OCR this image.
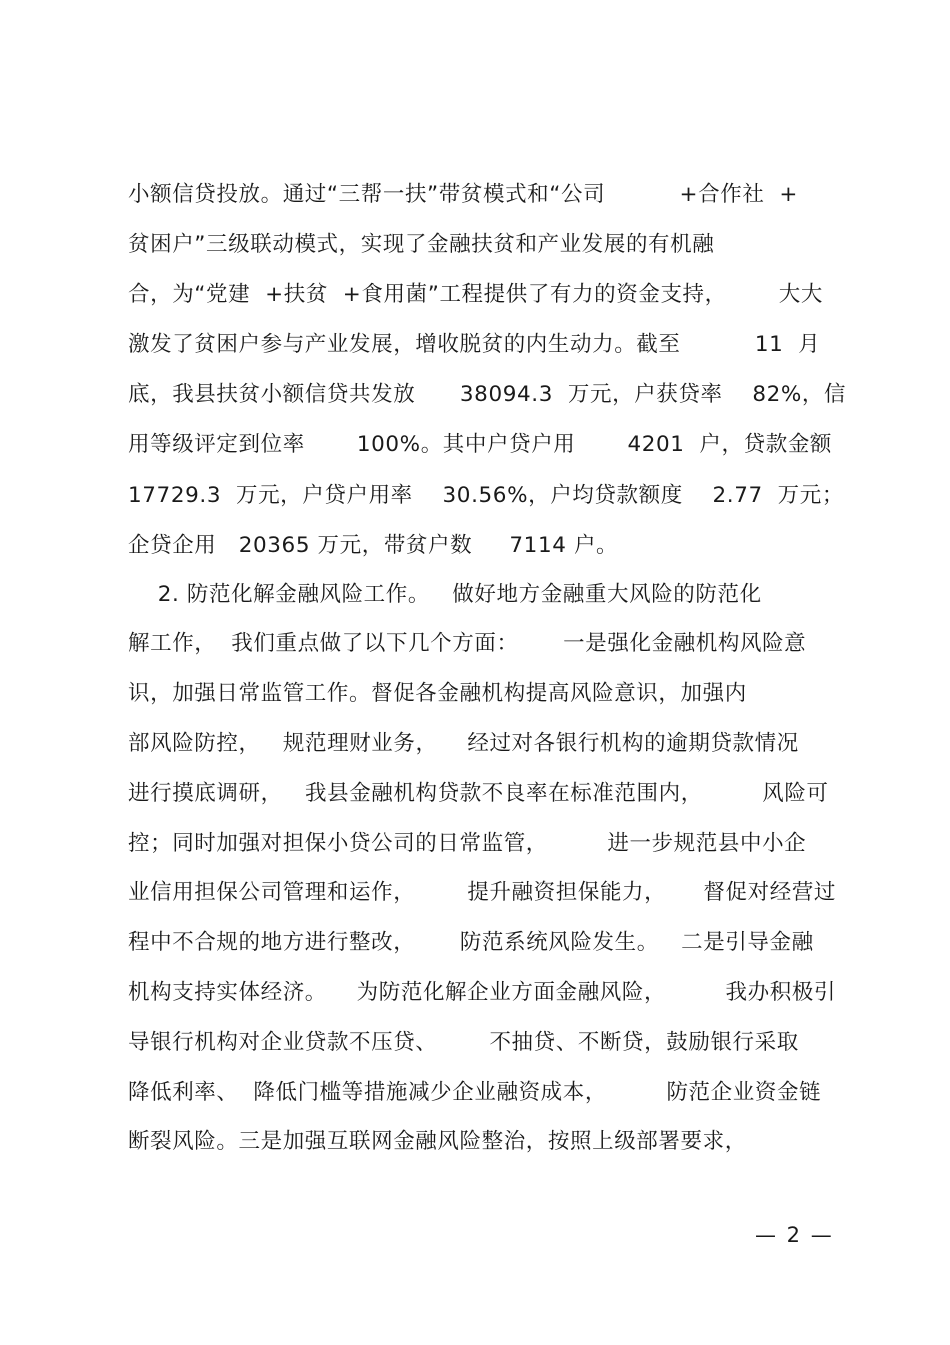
小额信贷投放。通过“三帮一扶”带贫模式和“公司          +合作社  +
贫困户”三级联动模式，实现了金融扶贫和产业发展的有机融
合，为“党建  +扶贫  +食用菌”工程提供了有力的资金支持，       大大
激发了贫困户参与产业发展，增收脱贫的内生动力。截至          11  月
底，我县扶贫小额信贷共发放      38094.3  万元，户获贷率    82%，信
用等级评定到位率       100%。其中户贷户用       4201  户，贷款金额
17729.3  万元，户贷户用率    30.56%，户均贷款额度    2.77  万元；
企贷企用   20365 万元，带贫户数     7114 户。
2. 防范化解金融风险工作。   做好地方金融重大风险的防范化
解工作，  我们重点做了以下几个方面：      一是强化金融机构风险意
识，加强日常监管工作。督促各金融机构提高风险意识，加强内
部风险防控，   规范理财业务，    经过对各银行机构的逾期贷款情况
进行摸底调研，   我县金融机构贷款不良率在标准范围内，        风险可
控；同时加强对担保小贷公司的日常监管，        进一步规范县中小企
业信用担保公司管理和运作，       提升融资担保能力，     督促对经营过
程中不合规的地方进行整改，      防范系统风险发生。   二是引导金融
机构支持实体经济。    为防范化解企业方面金融风险，        我办积极引
导银行机构对企业贷款不压贷、       不抽贷、不断贷，鼓励银行采取
降低利率、  降低门槛等措施减少企业融资成本，        防范企业资金链
断裂风险。三是加强互联网金融风险整治，按照上级部署要求，
— 2 —
